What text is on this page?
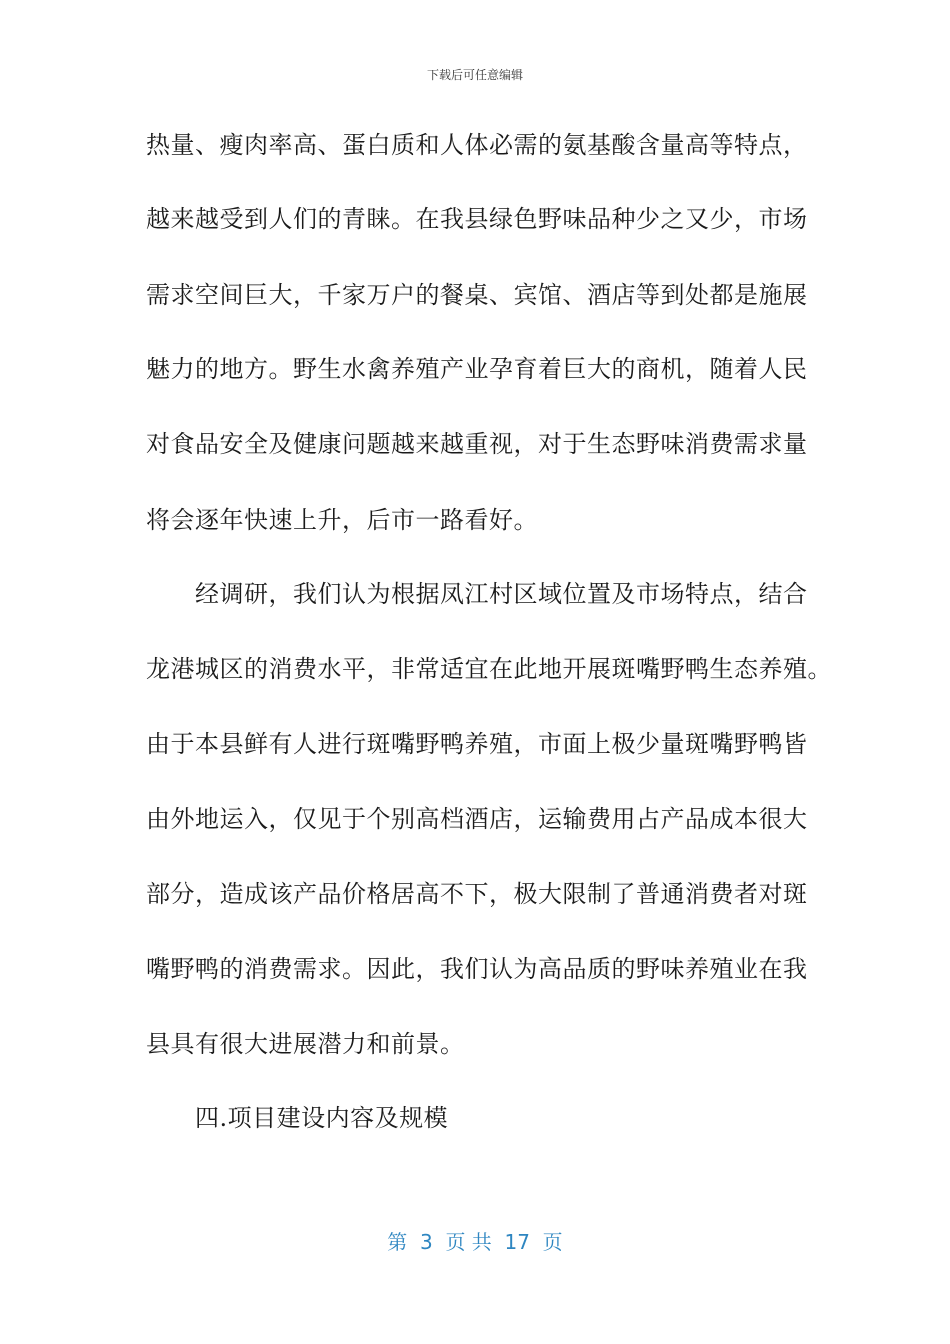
下载后可任意编辑
热量、瘦肉率高、蛋白质和人体必需的氨基酸含量高等特点，
越来越受到人们的青睐。在我县绿色野味品种少之又少，市场
需求空间巨大，千家万户的餐桌、宾馆、酒店等到处都是施展
魅力的地方。野生水禽养殖产业孕育着巨大的商机，随着人民
对食品安全及健康问题越来越重视，对于生态野味消费需求量
将会逐年快速上升，后市一路看好。
　　经调研，我们认为根据凤江村区域位置及市场特点，结合
龙港城区的消费水平，非常适宜在此地开展斑嘴野鸭生态养殖。
由于本县鲜有人进行斑嘴野鸭养殖，市面上极少量斑嘴野鸭皆
由外地运入，仅见于个别高档酒店，运输费用占产品成本很大
部分，造成该产品价格居高不下，极大限制了普通消费者对斑
嘴野鸭的消费需求。因此，我们认为高品质的野味养殖业在我
县具有很大进展潜力和前景。
　　四.项目建设内容及规模
第  3  页 共  17  页
